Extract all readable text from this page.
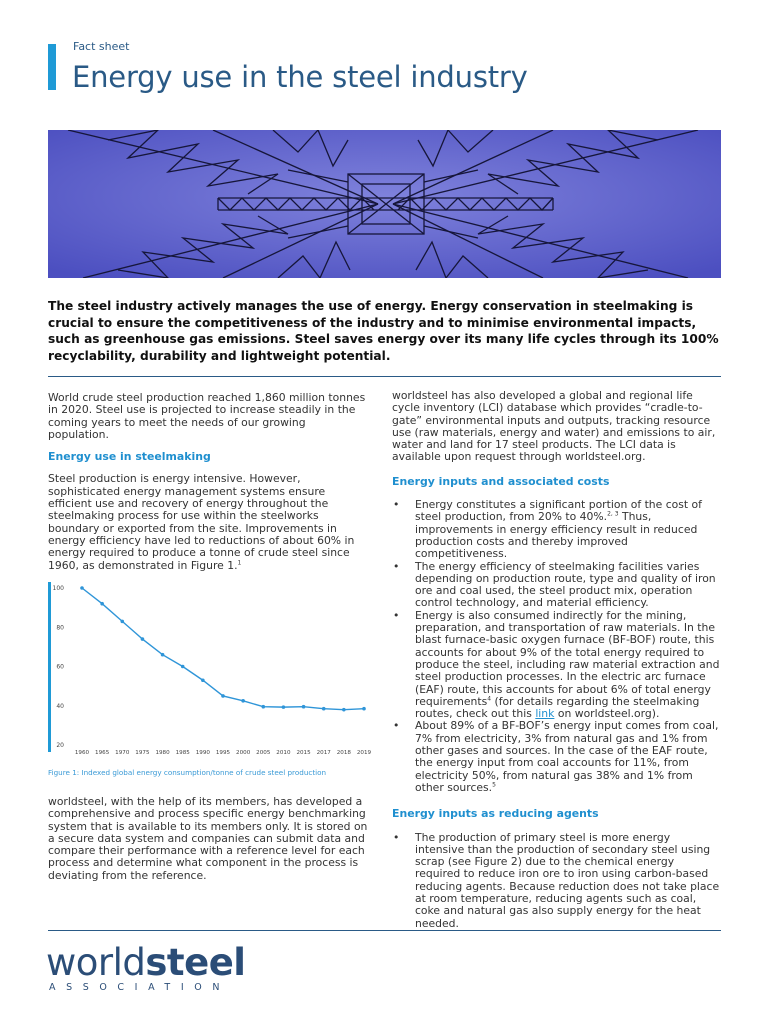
Fact sheet
Energy use in the steel industry

The steel industry actively manages the use of energy. Energy conservation in steelmaking is crucial to ensure the competitiveness of the industry and to minimise environmental impacts, such as greenhouse gas emissions. Steel saves energy over its many life cycles through its 100% recyclability, durability and lightweight potential.

World crude steel production reached 1,860 million tonnes in 2020. Steel use is projected to increase steadily in the coming years to meet the needs of our growing population.

Energy use in steelmaking

Steel production is energy intensive. However, sophisticated energy management systems ensure efficient use and recovery of energy throughout the steelmaking process for use within the steelworks boundary or exported from the site. Improvements in energy efficiency have led to reductions of about 60% in energy required to produce a tonne of crude steel since 1960, as demonstrated in Figure 1.$^1$

20
40
60
80
100
1960 1965 1970 1975 1980 1985 1990 1995 2000 2005 2010 2015 2017 2018 2019
Figure 1: Indexed global energy consumption/tonne of crude steel production

worldsteel, with the help of its members, has developed a comprehensive and process specific energy benchmarking system that is available to its members only. It is stored on a secure data system and companies can submit data and compare their performance with a reference level for each process and determine what component in the process is deviating from the reference.

worldsteel has also developed a global and regional life cycle inventory (LCI) database which provides “cradle-to-gate” environmental inputs and outputs, tracking resource use (raw materials, energy and water) and emissions to air, water and land for 17 steel products. The LCI data is available upon request through worldsteel.org.

Energy inputs and associated costs

• Energy constitutes a significant portion of the cost of steel production, from 20% to 40%.$^{2, 3}$ Thus, improvements in energy efficiency result in reduced production costs and thereby improved competitiveness.
• The energy efficiency of steelmaking facilities varies depending on production route, type and quality of iron ore and coal used, the steel product mix, operation control technology, and material efficiency.
• Energy is also consumed indirectly for the mining, preparation, and transportation of raw materials. In the blast furnace-basic oxygen furnace (BF-BOF) route, this accounts for about 9% of the total energy required to produce the steel, including raw material extraction and steel production processes. In the electric arc furnace (EAF) route, this accounts for about 6% of total energy requirements$^4$ (for details regarding the steelmaking routes, check out this link on worldsteel.org).
• About 89% of a BF-BOF’s energy input comes from coal, 7% from electricity, 3% from natural gas and 1% from other gases and sources. In the case of the EAF route, the energy input from coal accounts for 11%, from electricity 50%, from natural gas 38% and 1% from other sources.$^5$

Energy inputs as reducing agents

• The production of primary steel is more energy intensive than the production of secondary steel using scrap (see Figure 2) due to the chemical energy required to reduce iron ore to iron using carbon-based reducing agents. Because reduction does not take place at room temperature, reducing agents such as coal, coke and natural gas also supply energy for the heat needed.
worldsteel
ASSOCIATION
